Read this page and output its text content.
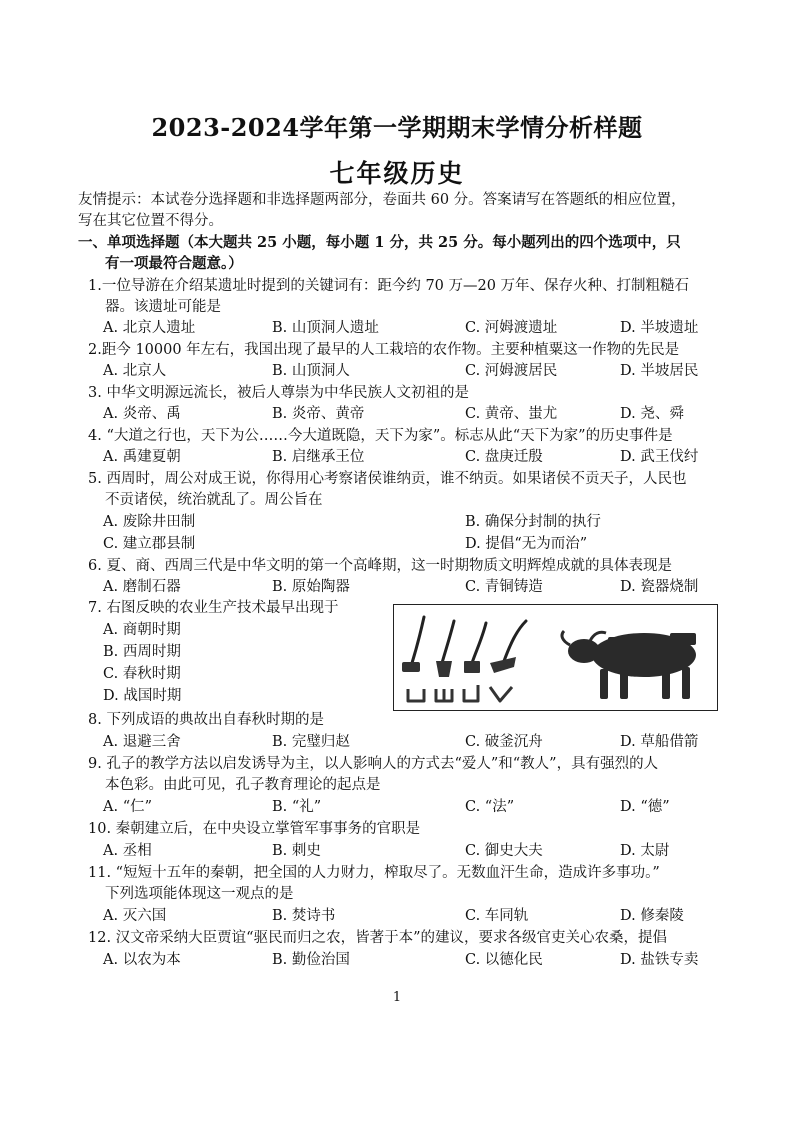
2023-2024学年第一学期期末学情分析样题
七年级历史
友情提示：本试卷分选择题和非选择题两部分，卷面共 60 分。答案请写在答题纸的相应位置，
写在其它位置不得分。
一、单项选择题（本大题共 25 小题，每小题 1 分，共 25 分。每小题列出的四个选项中，只
有一项最符合题意。）
1.一位导游在介绍某遗址时提到的关键词有：距今约 70 万—20 万年、保存火种、打制粗糙石
器。该遗址可能是
A. 北京人遗址	B. 山顶洞人遗址	C. 河姆渡遗址	D. 半坡遗址
2.距今 10000 年左右，我国出现了最早的人工栽培的农作物。主要种植粟这一作物的先民是
A. 北京人	B. 山顶洞人	C. 河姆渡居民	D. 半坡居民
3. 中华文明源远流长，被后人尊崇为中华民族人文初祖的是
A. 炎帝、禹	B. 炎帝、黄帝	C. 黄帝、蚩尤	D. 尧、舜
4. “大道之行也，天下为公……今大道既隐，天下为家”。标志从此“天下为家”的历史事件是
A. 禹建夏朝	B. 启继承王位	C. 盘庚迁殷	D. 武王伐纣
5. 西周时，周公对成王说，你得用心考察诸侯谁纳贡，谁不纳贡。如果诸侯不贡天子，人民也
不贡诸侯，统治就乱了。周公旨在
A. 废除井田制	B. 确保分封制的执行
C. 建立郡县制	D. 提倡“无为而治”
6. 夏、商、西周三代是中华文明的第一个高峰期，这一时期物质文明辉煌成就的具体表现是
A. 磨制石器	B. 原始陶器	C. 青铜铸造	D. 瓷器烧制
7. 右图反映的农业生产技术最早出现于
A. 商朝时期
B. 西周时期
C. 春秋时期
D. 战国时期
8. 下列成语的典故出自春秋时期的是
A. 退避三舍	B. 完璧归赵	C. 破釜沉舟	D. 草船借箭
9. 孔子的教学方法以启发诱导为主，以人影响人的方式去“爱人”和“教人”，具有强烈的人
本色彩。由此可见，孔子教育理论的起点是
A. “仁”	B. “礼”	C. “法”	D. “德”
10. 秦朝建立后，在中央设立掌管军事事务的官职是
A. 丞相	B. 刺史	C. 御史大夫	D. 太尉
11. “短短十五年的秦朝，把全国的人力财力，榨取尽了。无数血汗生命，造成许多事功。”
下列选项能体现这一观点的是
A. 灭六国	B. 焚诗书	C. 车同轨	D. 修秦陵
12. 汉文帝采纳大臣贾谊“驱民而归之农，皆著于本”的建议，要求各级官吏关心农桑，提倡
A. 以农为本	B. 勤俭治国	C. 以德化民	D. 盐铁专卖
1
